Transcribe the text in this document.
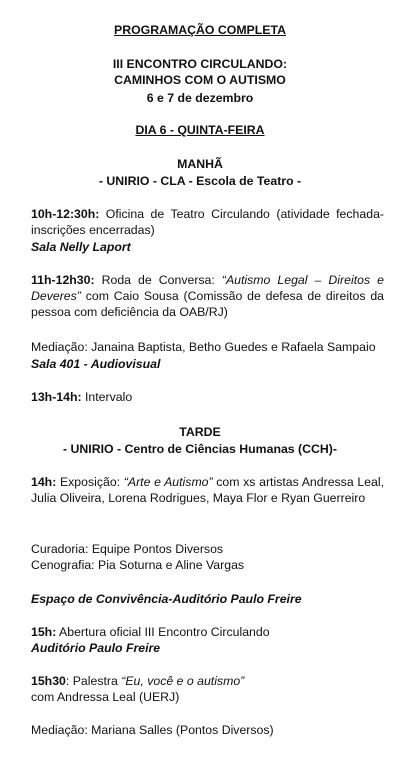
PROGRAMAÇÃO COMPLETA
III ENCONTRO CIRCULANDO:
CAMINHOS COM O AUTISMO
6 e 7 de dezembro
DIA 6 - QUINTA-FEIRA
MANHÃ
- UNIRIO - CLA - Escola de Teatro -
10h-12:30h: Oficina de Teatro Circulando (atividade fechada-inscrições encerradas)
Sala Nelly Laport
11h-12h30: Roda de Conversa: “Autismo Legal – Direitos e Deveres” com Caio Sousa (Comissão de defesa de direitos da pessoa com deficiência da OAB/RJ)
Mediação: Janaina Baptista, Betho Guedes e Rafaela Sampaio
Sala 401 - Audiovisual
13h-14h: Intervalo
TARDE
- UNIRIO - Centro de Ciências Humanas (CCH)-
14h: Exposição: “Arte e Autismo” com xs artistas Andressa Leal, Julia Oliveira, Lorena Rodrigues, Maya Flor e Ryan Guerreiro
Curadoria: Equipe Pontos Diversos
Cenografia: Pia Soturna e Aline Vargas
Espaço de Convivência-Auditório Paulo Freire
15h: Abertura oficial III Encontro Circulando
Auditório Paulo Freire
15h30: Palestra “Eu, você e o autismo”
com Andressa Leal (UERJ)
Mediação: Mariana Salles (Pontos Diversos)
